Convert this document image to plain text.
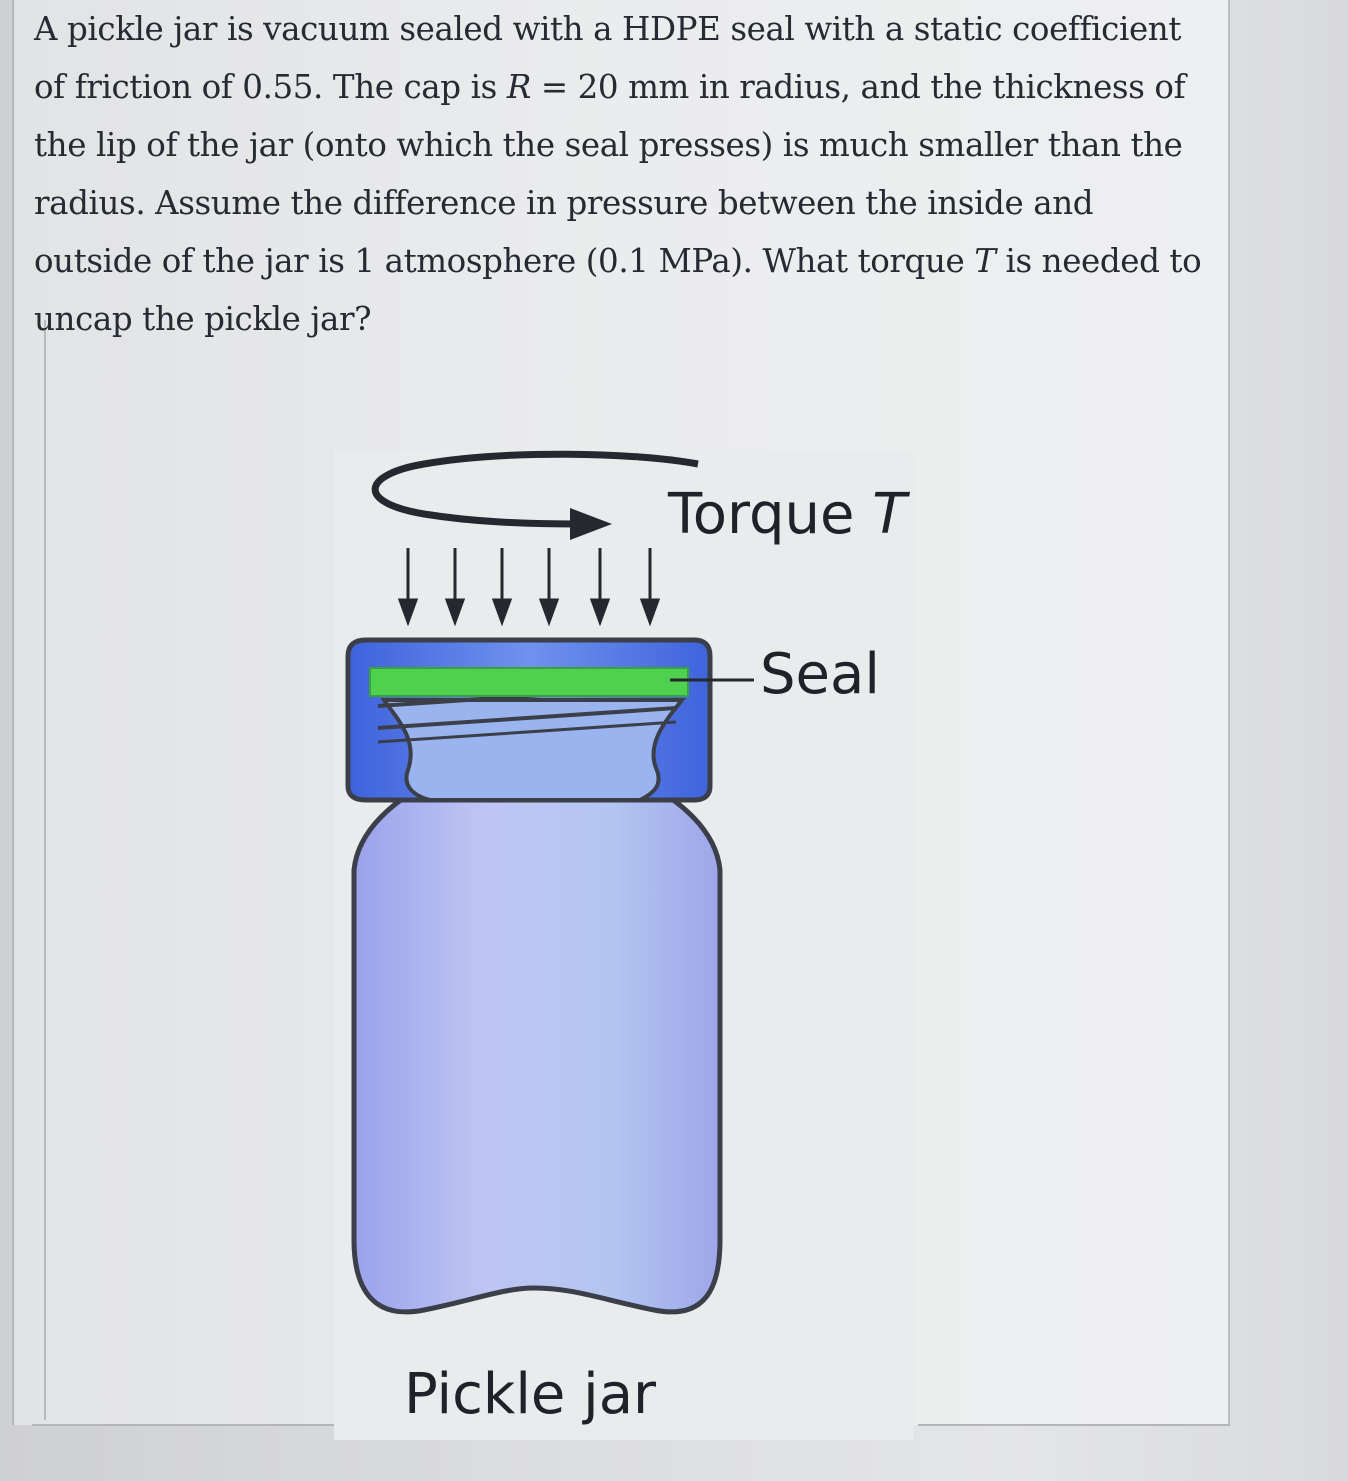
A pickle jar is vacuum sealed with a HDPE seal with a static coefficient of friction of 0.55. The cap is R = 20 mm in radius, and the thickness of the lip of the jar (onto which the seal presses) is much smaller than the radius. Assume the difference in pressure between the inside and outside of the jar is 1 atmosphere (0.1 MPa). What torque T is needed to uncap the pickle jar?

Torque T
Seal
Pickle jar
